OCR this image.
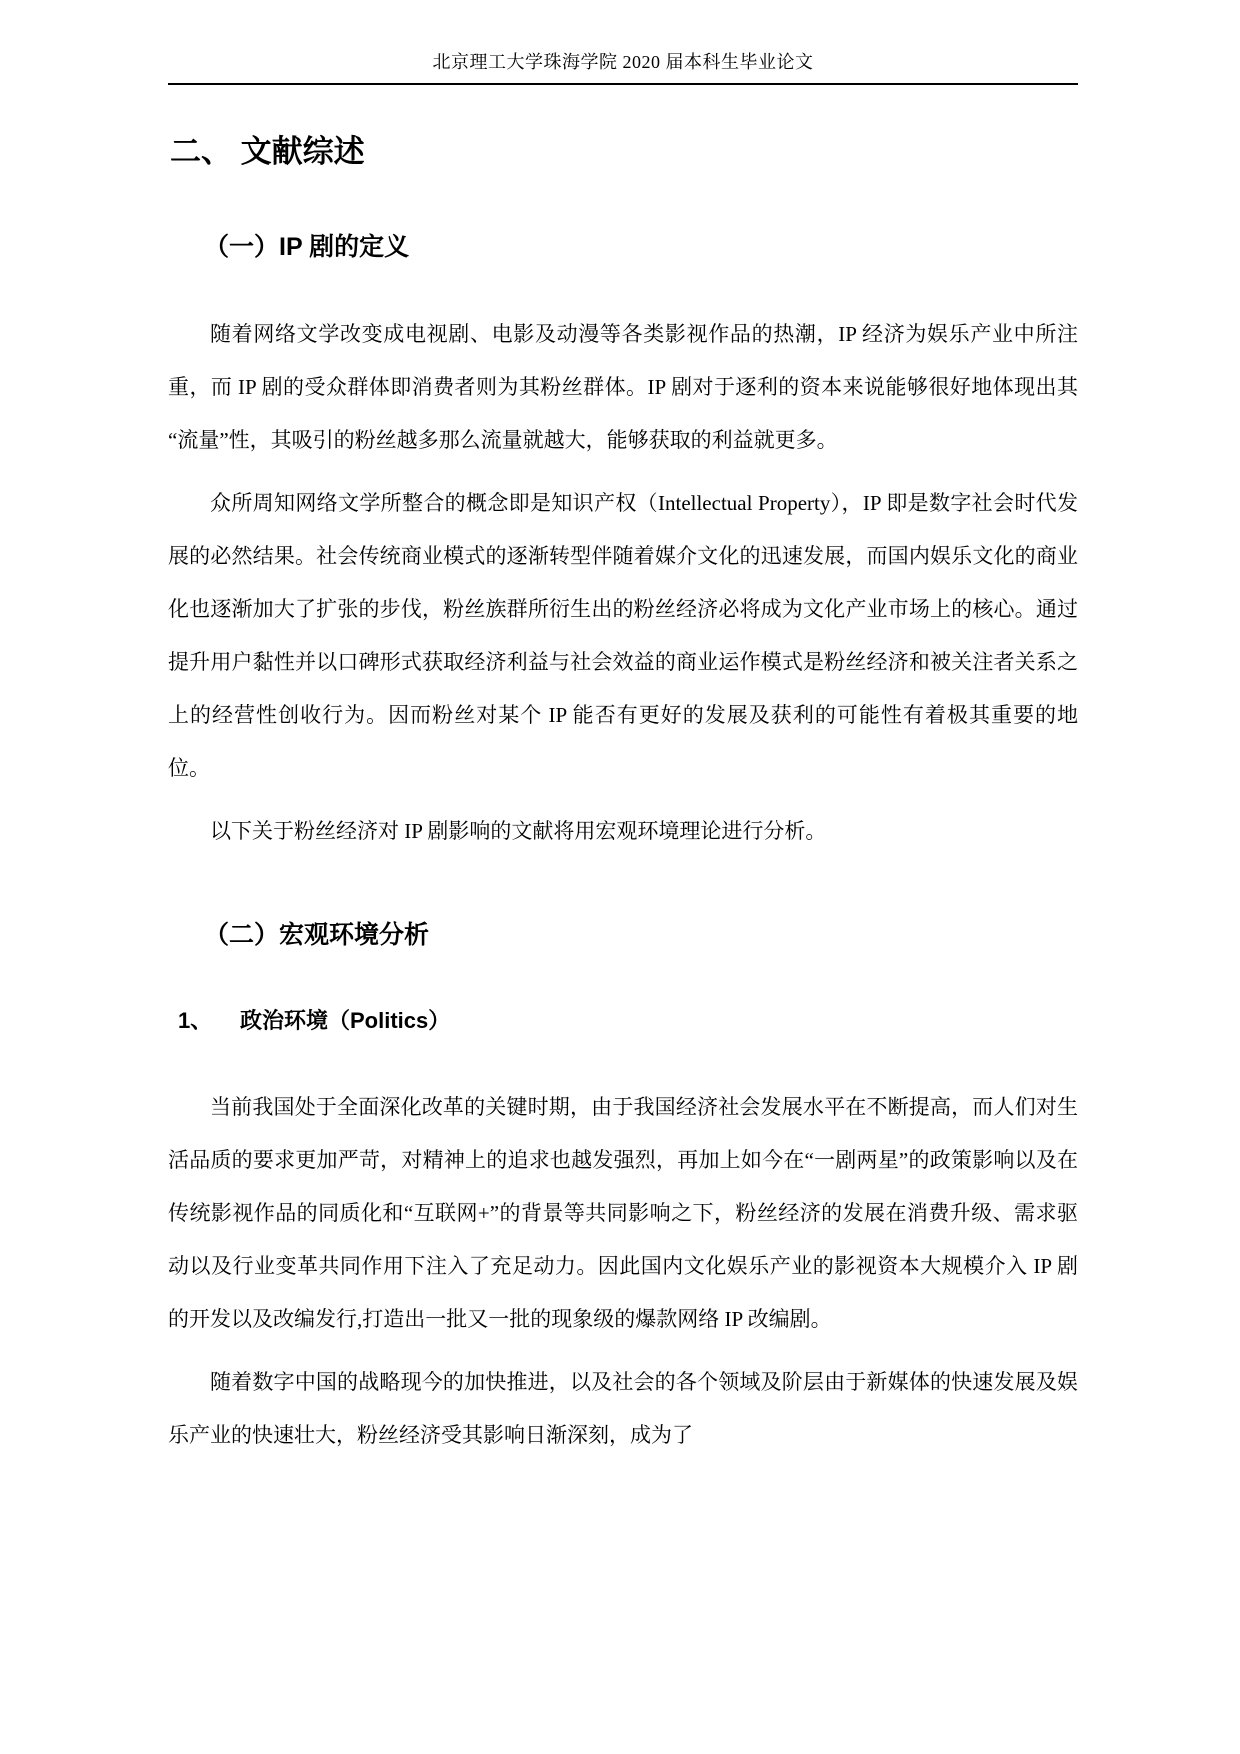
北京理工大学珠海学院 2020 届本科生毕业论文
二、 文献综述
（一）IP 剧的定义

随着网络文学改变成电视剧、电影及动漫等各类影视作品的热潮，IP 经济为娱乐产业中所注重，而 IP 剧的受众群体即消费者则为其粉丝群体。IP 剧对于逐利的资本来说能够很好地体现出其“流量”性，其吸引的粉丝越多那么流量就越大，能够获取的利益就更多。

众所周知网络文学所整合的概念即是知识产权（Intellectual Property），IP 即是数字社会时代发展的必然结果。社会传统商业模式的逐渐转型伴随着媒介文化的迅速发展，而国内娱乐文化的商业化也逐渐加大了扩张的步伐，粉丝族群所衍生出的粉丝经济必将成为文化产业市场上的核心。通过提升用户黏性并以口碑形式获取经济利益与社会效益的商业运作模式是粉丝经济和被关注者关系之上的经营性创收行为。因而粉丝对某个 IP 能否有更好的发展及获利的可能性有着极其重要的地位。

以下关于粉丝经济对 IP 剧影响的文献将用宏观环境理论进行分析。

（二）宏观环境分析
1、 政治环境（Politics）

当前我国处于全面深化改革的关键时期，由于我国经济社会发展水平在不断提高，而人们对生活品质的要求更加严苛，对精神上的追求也越发强烈，再加上如今在“一剧两星”的政策影响以及在传统影视作品的同质化和“互联网+”的背景等共同影响之下，粉丝经济的发展在消费升级、需求驱动以及行业变革共同作用下注入了充足动力。因此国内文化娱乐产业的影视资本大规模介入 IP 剧的开发以及改编发行,打造出一批又一批的现象级的爆款网络 IP 改编剧。

随着数字中国的战略现今的加快推进，以及社会的各个领域及阶层由于新媒体的快速发展及娱乐产业的快速壮大，粉丝经济受其影响日渐深刻，成为了
